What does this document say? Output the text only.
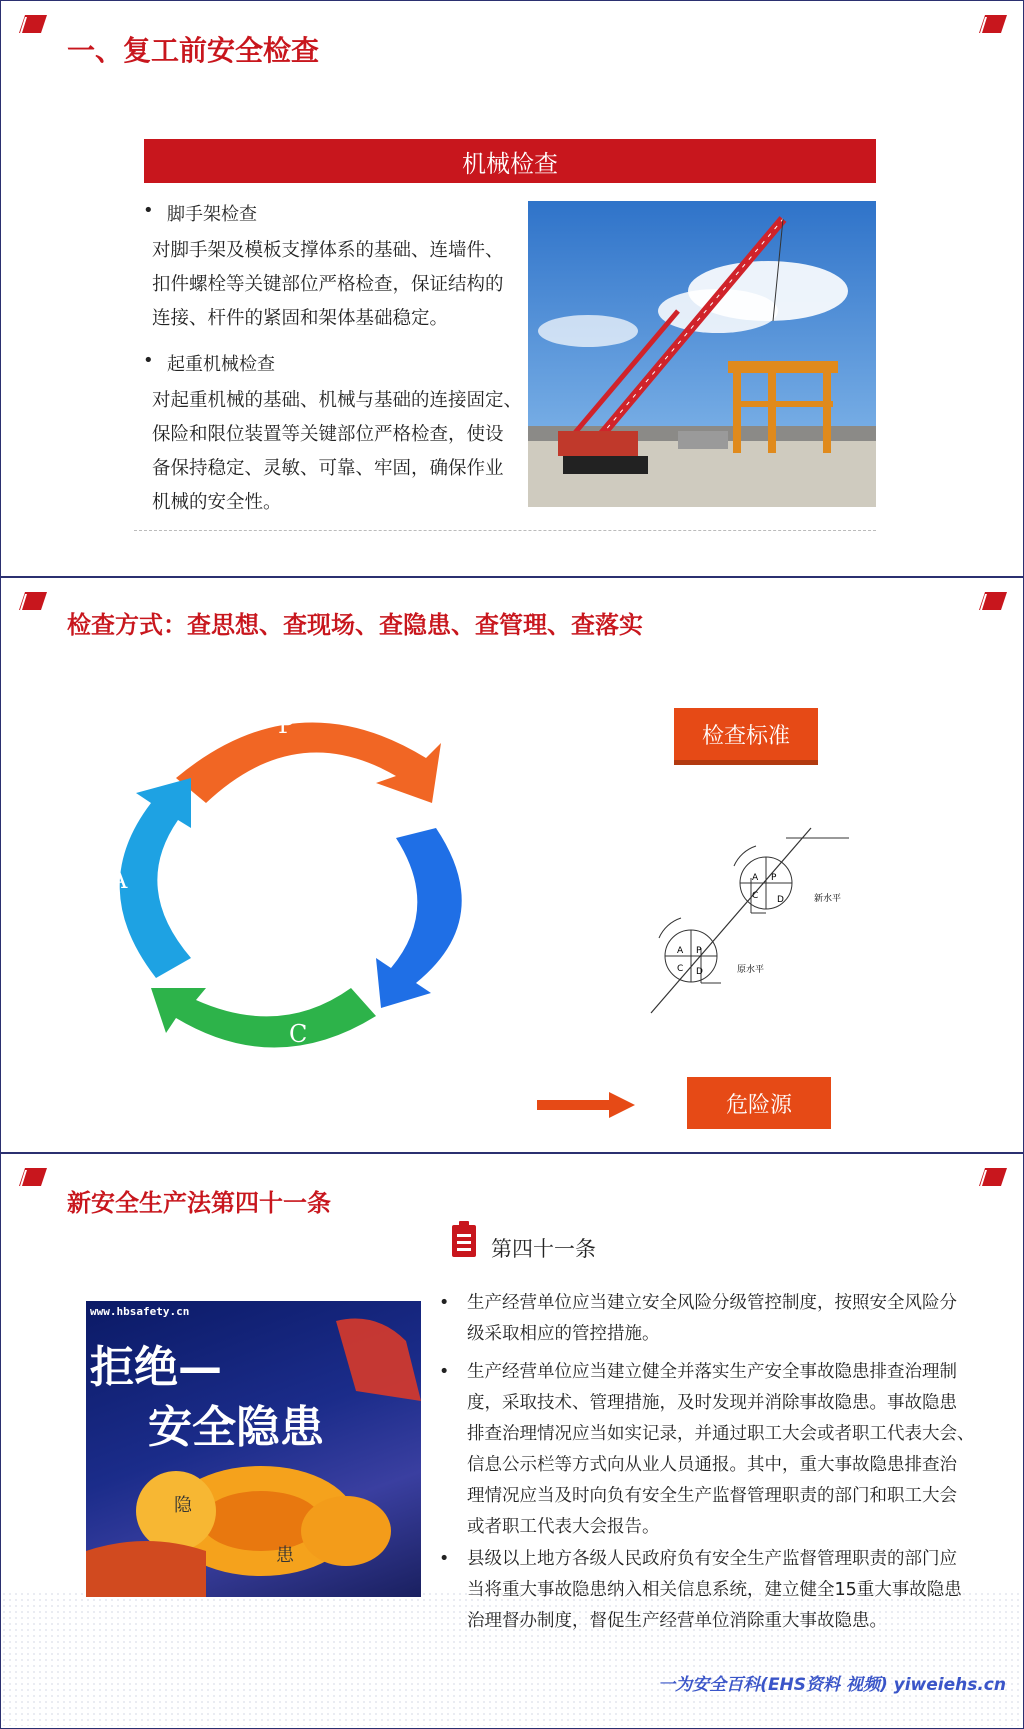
一、复工前安全检查
机械检查
• 脚手架检查
对脚手架及模板支撑体系的基础、连墙件、
扣件螺栓等关键部位严格检查，保证结构的
连接、杆件的紧固和架体基础稳定。
• 起重机械检查
对起重机械的基础、机械与基础的连接固定、
保险和限位装置等关键部位严格检查，使设
备保持稳定、灵敏、可靠、牢固，确保作业
机械的安全性。
检查方式：查思想、查现场、查隐患、查管理、查落实
P
D
C
A
检查标准
A P
C D
A P
C D	新水平
原水平
危险源
新安全生产法第四十一条
第四十一条
www.hbsafety.cn
拒绝—
安全隐患
隐
患
• 生产经营单位应当建立安全风险分级管控制度，按照安全风险分
级采取相应的管控措施。
• 生产经营单位应当建立健全并落实生产安全事故隐患排查治理制
度，采取技术、管理措施，及时发现并消除事故隐患。事故隐患
排查治理情况应当如实记录，并通过职工大会或者职工代表大会、
信息公示栏等方式向从业人员通报。其中，重大事故隐患排查治
理情况应当及时向负有安全生产监督管理职责的部门和职工大会
或者职工代表大会报告。
• 县级以上地方各级人民政府负有安全生产监督管理职责的部门应
当将重大事故隐患纳入相关信息系统，建立健全15重大事故隐患
治理督办制度，督促生产经营单位消除重大事故隐患。
一为安全百科(EHS资料 视频) yiweiehs.cn
